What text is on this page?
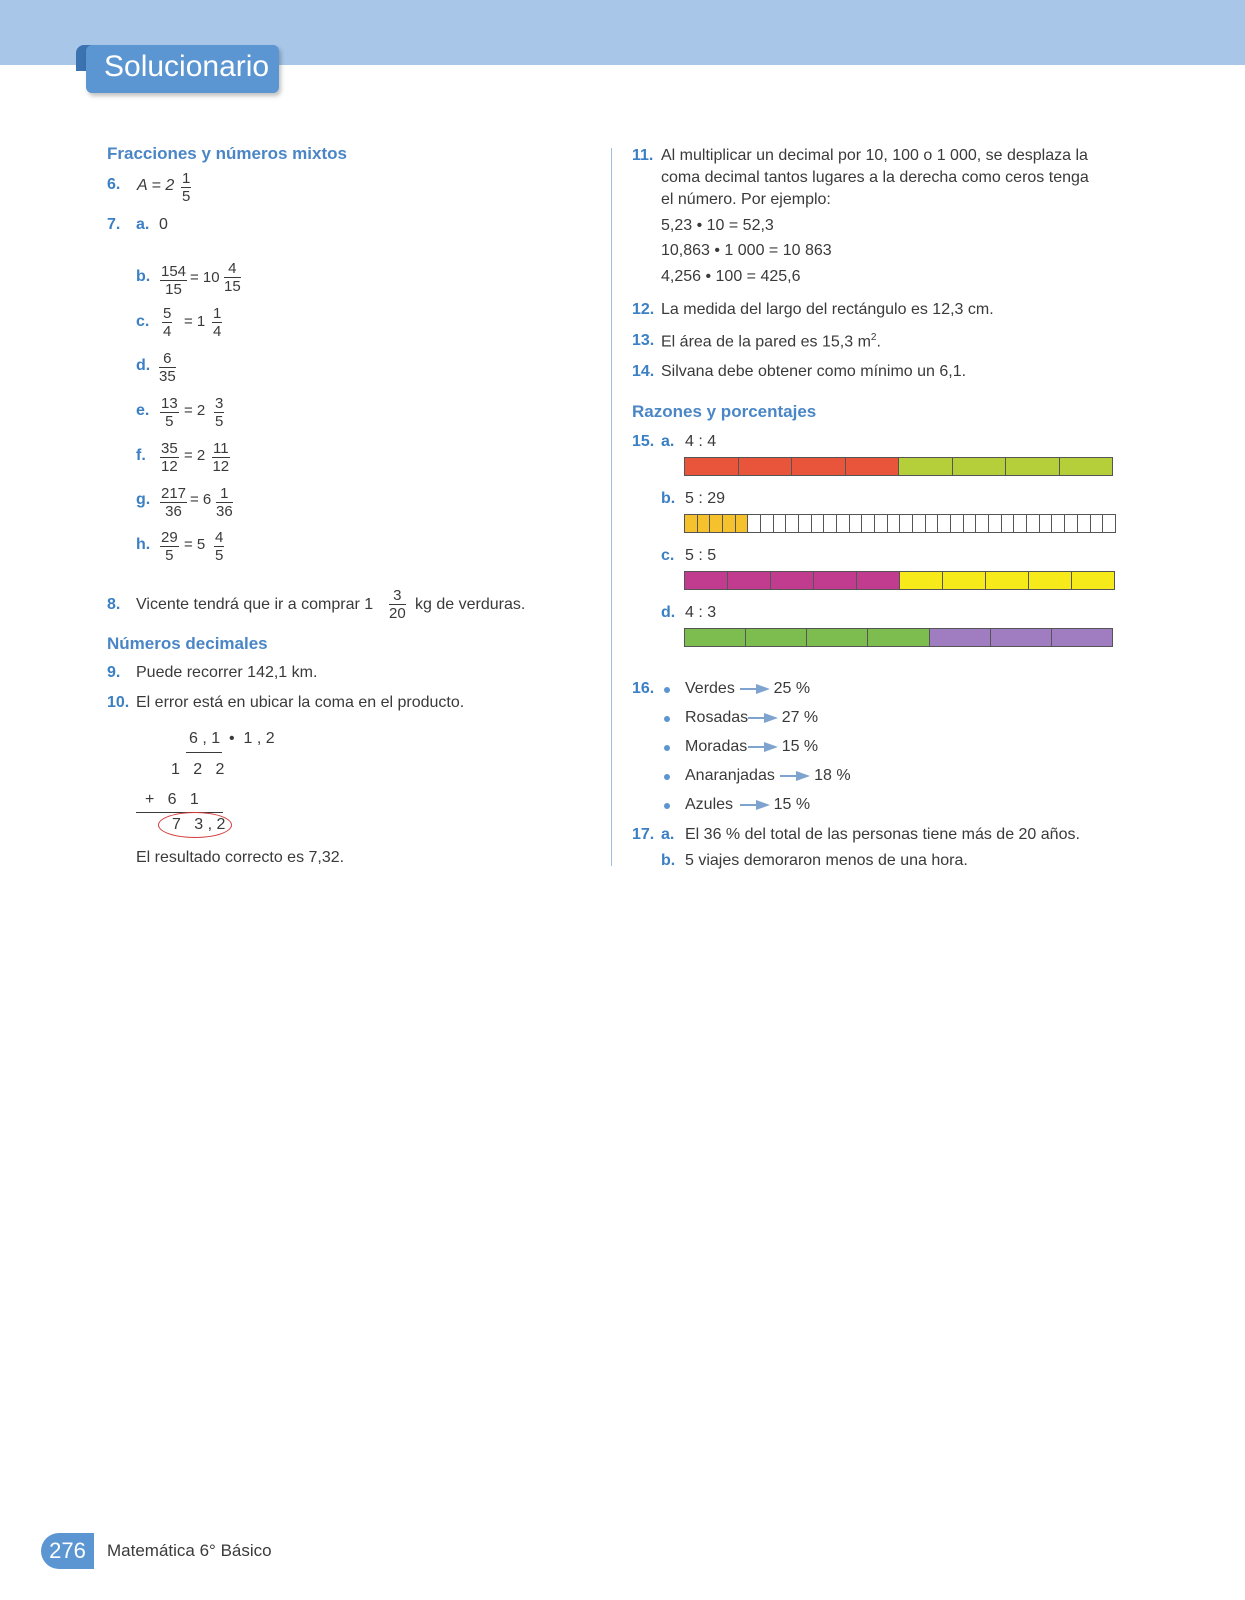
Solucionario
Fracciones y números mixtos
6. $A = 2 \frac{1}{5}$
7. a. 0
b. $\frac{154}{15} = 10 \frac{4}{15}$
c. $\frac{5}{4} = 1 \frac{1}{4}$
d. $\frac{6}{35}$
e. $\frac{13}{5} = 2 \frac{3}{5}$
f. $\frac{35}{12} = 2 \frac{11}{12}$
g. $\frac{217}{36} = 6 \frac{1}{36}$
h. $\frac{29}{5} = 5 \frac{4}{5}$
8. Vicente tendrá que ir a comprar $1 \frac{3}{20}$ kg de verduras.
Números decimales
9. Puede recorrer 142,1 km.
10. El error está en ubicar la coma en el producto.
6 , 1  •  1 , 2
1   2   2
+   6   1
7   3 , 2
El resultado correcto es 7,32.
11. Al multiplicar un decimal por 10, 100 o 1 000, se desplaza la
coma decimal tantos lugares a la derecha como ceros tenga
el número. Por ejemplo:
5,23 • 10 = 52,3
10,863 • 1 000 = 10 863
4,256 • 100 = 425,6
12. La medida del largo del rectángulo es 12,3 cm.
13. El área de la pared es 15,3 $m^2$.
14. Silvana debe obtener como mínimo un 6,1.
Razones y porcentajes
15. a. 4 : 4
b. 5 : 29
c. 5 : 5
d. 4 : 3
16. Verdes 25 %
Rosadas 27 %
Moradas 15 %
Anaranjadas 18 %
Azules	15 %
17. a. El 36 % del total de las personas tiene más de 20 años.
b. 5 viajes demoraron menos de una hora.
276	Matemática 6° Básico
